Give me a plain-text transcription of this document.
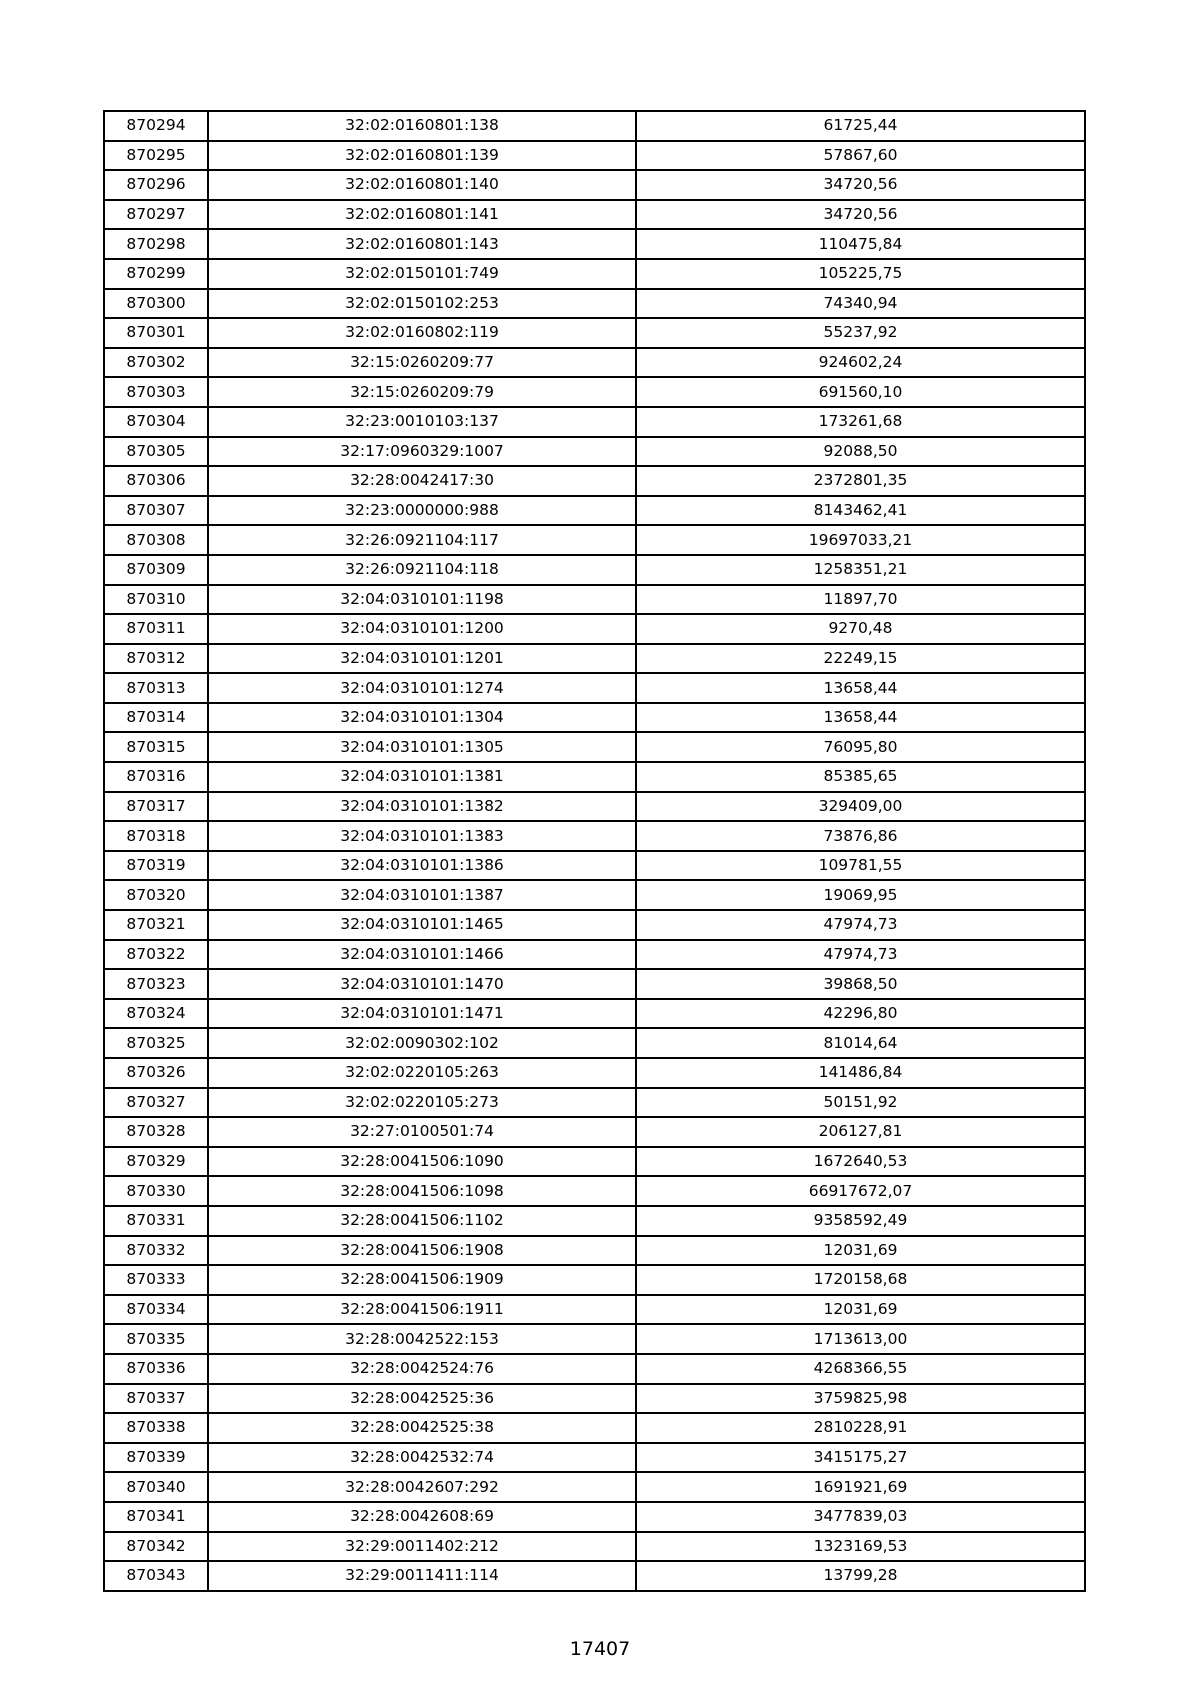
870294	32:02:0160801:138	61725,44
870295	32:02:0160801:139	57867,60
870296	32:02:0160801:140	34720,56
870297	32:02:0160801:141	34720,56
870298	32:02:0160801:143	110475,84
870299	32:02:0150101:749	105225,75
870300	32:02:0150102:253	74340,94
870301	32:02:0160802:119	55237,92
870302	32:15:0260209:77	924602,24
870303	32:15:0260209:79	691560,10
870304	32:23:0010103:137	173261,68
870305	32:17:0960329:1007	92088,50
870306	32:28:0042417:30	2372801,35
870307	32:23:0000000:988	8143462,41
870308	32:26:0921104:117	19697033,21
870309	32:26:0921104:118	1258351,21
870310	32:04:0310101:1198	11897,70
870311	32:04:0310101:1200	9270,48
870312	32:04:0310101:1201	22249,15
870313	32:04:0310101:1274	13658,44
870314	32:04:0310101:1304	13658,44
870315	32:04:0310101:1305	76095,80
870316	32:04:0310101:1381	85385,65
870317	32:04:0310101:1382	329409,00
870318	32:04:0310101:1383	73876,86
870319	32:04:0310101:1386	109781,55
870320	32:04:0310101:1387	19069,95
870321	32:04:0310101:1465	47974,73
870322	32:04:0310101:1466	47974,73
870323	32:04:0310101:1470	39868,50
870324	32:04:0310101:1471	42296,80
870325	32:02:0090302:102	81014,64
870326	32:02:0220105:263	141486,84
870327	32:02:0220105:273	50151,92
870328	32:27:0100501:74	206127,81
870329	32:28:0041506:1090	1672640,53
870330	32:28:0041506:1098	66917672,07
870331	32:28:0041506:1102	9358592,49
870332	32:28:0041506:1908	12031,69
870333	32:28:0041506:1909	1720158,68
870334	32:28:0041506:1911	12031,69
870335	32:28:0042522:153	1713613,00
870336	32:28:0042524:76	4268366,55
870337	32:28:0042525:36	3759825,98
870338	32:28:0042525:38	2810228,91
870339	32:28:0042532:74	3415175,27
870340	32:28:0042607:292	1691921,69
870341	32:28:0042608:69	3477839,03
870342	32:29:0011402:212	1323169,53
870343	32:29:0011411:114	13799,28
17407
